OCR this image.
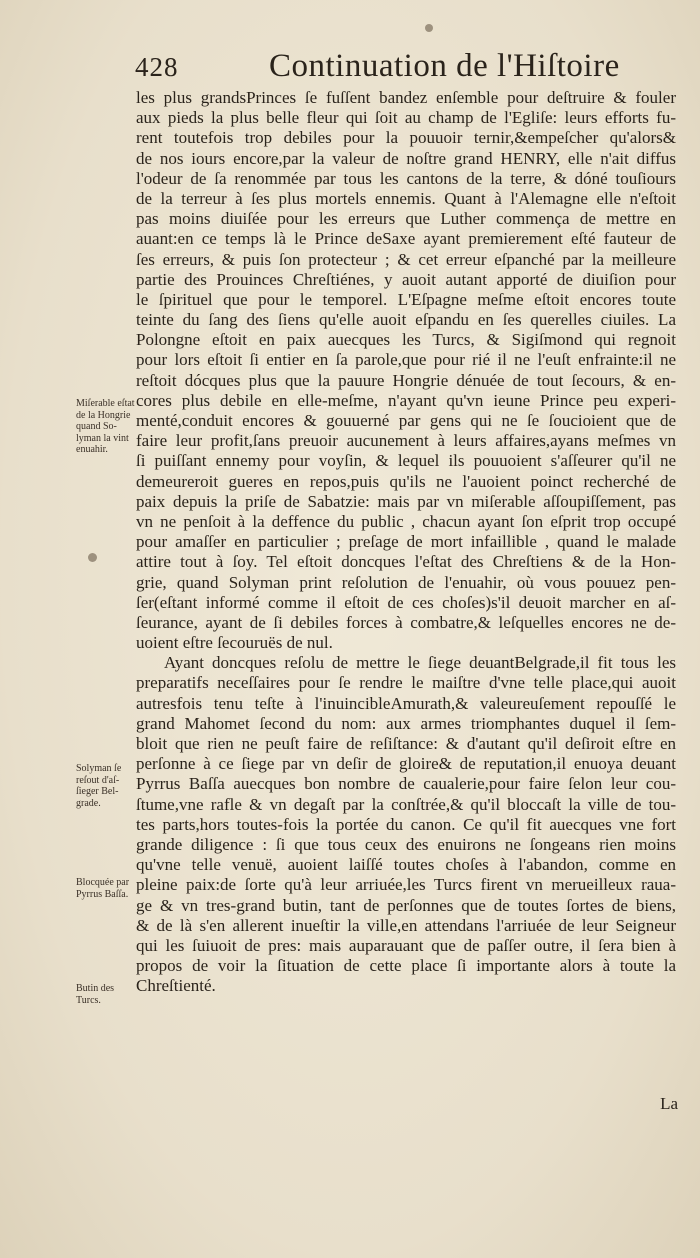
428	Continuation de l'Hiſtoire
les plus grandsPrinces ſe fuſſent bandez enſemble pour deſtruire & fouler
aux pieds la plus belle fleur qui ſoit au champ de l'Egliſe: leurs efforts fu-
rent toutefois trop debiles pour la pouuoir ternir,&empeſcher qu'alors&
de nos iours encore,par la valeur de noſtre grand HENRY, elle n'ait diffus
l'odeur de ſa renommée par tous les cantons de la terre, & dóné touſiours
de la terreur à ſes plus mortels ennemis. Quant à l'Alemagne elle n'eſtoit
pas moins diuiſée pour les erreurs que Luther commença de mettre en
auant:en ce temps là le Prince deSaxe ayant premierement eſté fauteur de
ſes erreurs, & puis ſon protecteur ; & cet erreur eſpanché par la meilleure
partie des Prouinces Chreſtiénes, y auoit autant apporté de diuiſion pour
le ſpirituel que pour le temporel. L'Eſpagne meſme eſtoit encores toute
teinte du ſang des ſiens qu'elle auoit eſpandu en ſes querelles ciuiles. La
Polongne eſtoit en paix auecques les Turcs, & Sigiſmond qui regnoit
pour lors eſtoit ſi entier en ſa parole,que pour rié il ne l'euſt enfrainte:il ne
reſtoit dócques plus que la pauure Hongrie dénuée de tout ſecours, & en-
cores plus debile en elle-meſme, n'ayant qu'vn ieune Prince peu experi-
menté,conduit encores & gouuerné par gens qui ne ſe ſoucioient que de
faire leur profit,ſans preuoir aucunement à leurs affaires,ayans meſmes vn
ſi puiſſant ennemy pour voyſin, & lequel ils pouuoient s'aſſeurer qu'il ne
demeureroit gueres en repos,puis qu'ils ne l'auoient poinct recherché de
paix depuis la priſe de Sabatzie: mais par vn miſerable aſſoupiſſement, pas
vn ne penſoit à la deffence du public , chacun ayant ſon eſprit trop occupé
pour amaſſer en particulier ; preſage de mort infaillible , quand le malade
attire tout à ſoy. Tel eſtoit doncques l'eſtat des Chreſtiens & de la Hon-
grie, quand Solyman print reſolution de l'enuahir, où vous pouuez pen-
ſer(eſtant informé comme il eſtoit de ces choſes)s'il deuoit marcher en aſ-
ſeurance, ayant de ſi debiles forces à combatre,& leſquelles encores ne de-
uoient eſtre ſecouruës de nul.
Ayant doncques reſolu de mettre le ſiege deuantBelgrade,il fit tous les
preparatifs neceſſaires pour ſe rendre le maiſtre d'vne telle place,qui auoit
autresfois tenu teſte à l'inuincibleAmurath,& valeureuſement repouſſé le
grand Mahomet ſecond du nom: aux armes triomphantes duquel il ſem-
bloit que rien ne peuſt faire de reſiſtance: & d'autant qu'il deſiroit eſtre en
perſonne à ce ſiege par vn deſir de gloire& de reputation,il enuoya deuant
Pyrrus Baſſa auecques bon nombre de caualerie,pour faire ſelon leur cou-
ſtume,vne rafle & vn degaſt par la conſtrée,& qu'il bloccaſt la ville de tou-
tes parts,hors toutes-fois la portée du canon. Ce qu'il fit auecques vne fort
grande diligence : ſi que tous ceux des enuirons ne ſongeans rien moins
qu'vne telle venuë, auoient laiſſé toutes choſes à l'abandon, comme en
pleine paix:de ſorte qu'à leur arriuée,les Turcs firent vn merueilleux raua-
ge & vn tres-grand butin, tant de perſonnes que de toutes ſortes de biens,
& de là s'en allerent inueſtir la ville,en attendans l'arriuée de leur Seigneur
qui les ſuiuoit de pres: mais auparauant que de paſſer outre, il ſera bien à
propos de voir la ſituation de cette place ſi importante alors à toute la
Chreſtienté.
Miſerable eſtat de la Hongrie quand So-lyman la vint enuahir.
Solyman ſe reſout d'aſ-ſieger Bel-grade.
Blocquée par Pyrrus Baſſa.
Butin des Turcs.
La
